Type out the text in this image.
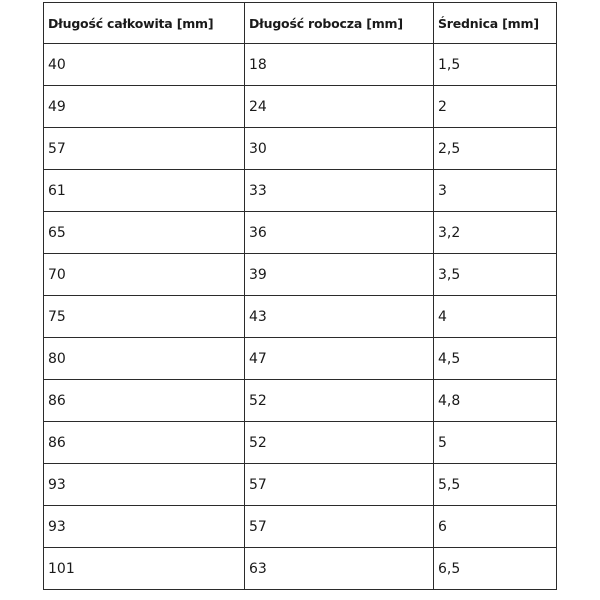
Długość całkowita [mm]	Długość robocza [mm]	Średnica [mm]
40	18	1,5
49	24	2
57	30	2,5
61	33	3
65	36	3,2
70	39	3,5
75	43	4
80	47	4,5
86	52	4,8
86	52	5
93	57	5,5
93	57	6
101	63	6,5
